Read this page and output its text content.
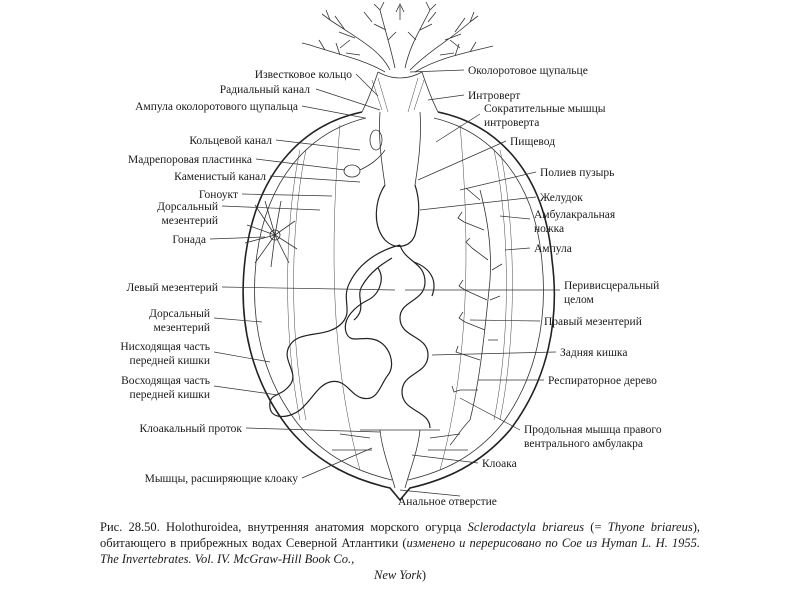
Известковое кольцо
Радиальный канал
Ампула околоротового щупальца
Кольцевой канал
Мадрепоровая пластинка
Каменистый канал
Гоноукт
Дорсальный
мезентерий
Гонада
Левый мезентерий
Дорсальный
мезентерий
Нисходящая часть
передней кишки
Восходящая часть
передней кишки
Клоакальный проток
Мышцы, расширяющие клоаку
Околоротовое щупальце
Интроверт
Сократительные мышцы
интроверта
Пищевод
Полиев пузырь
Желудок
Амбулакральная
ножка
Ампула
Перивисцеральный
целом
Правый мезентерий
Задняя кишка
Респираторное дерево
Продольная мышца правого
вентрального амбулакра
Клоака
Анальное отверстие
Рис. 28.50. Holothuroidea, внутренняя анатомия морского огурца Sclerodactyla briareus (= Thyone briareus), обитающего в прибрежных водах Северной Атлантики (изменено и перерисовано по Coe из Hyman L. H. 1955. The Invertebrates. Vol. IV. McGraw-Hill Book Co.,
New York)
